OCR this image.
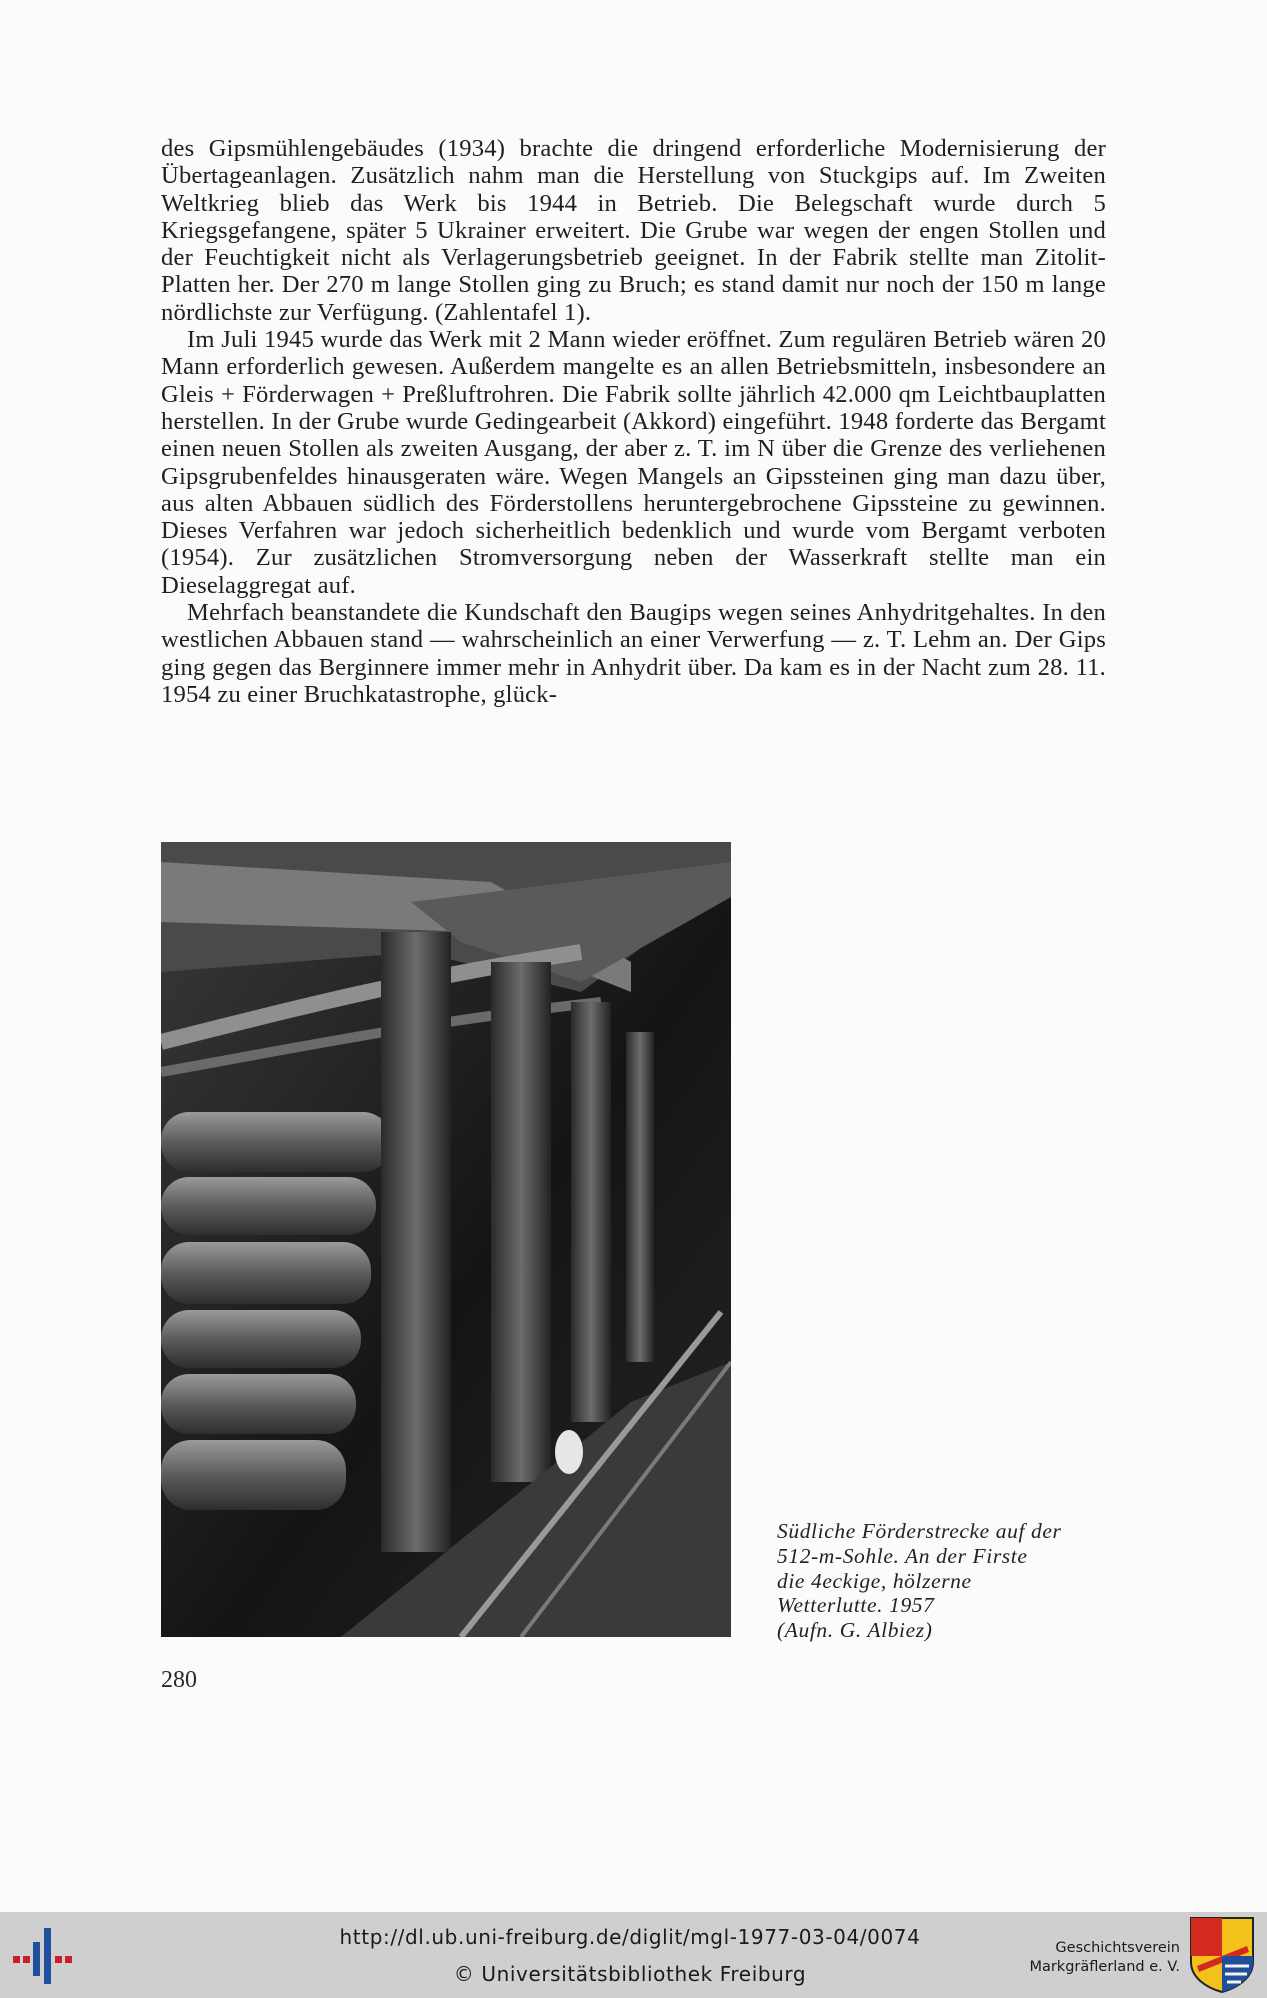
des Gipsmühlengebäudes (1934) brachte die dringend erforderliche Modernisierung der Übertageanlagen. Zusätzlich nahm man die Herstellung von Stuckgips auf. Im Zweiten Weltkrieg blieb das Werk bis 1944 in Betrieb. Die Belegschaft wurde durch 5 Kriegsgefangene, später 5 Ukrainer erweitert. Die Grube war wegen der engen Stollen und der Feuchtigkeit nicht als Verlagerungsbetrieb geeignet. In der Fabrik stellte man Zitolit-Platten her. Der 270 m lange Stollen ging zu Bruch; es stand damit nur noch der 150 m lange nördlichste zur Verfügung. (Zahlentafel 1).

Im Juli 1945 wurde das Werk mit 2 Mann wieder eröffnet. Zum regulären Betrieb wären 20 Mann erforderlich gewesen. Außerdem mangelte es an allen Betriebsmitteln, insbesondere an Gleis + Förderwagen + Preßluftrohren. Die Fabrik sollte jährlich 42.000 qm Leichtbauplatten herstellen. In der Grube wurde Gedingearbeit (Akkord) eingeführt. 1948 forderte das Bergamt einen neuen Stollen als zweiten Ausgang, der aber z. T. im N über die Grenze des verliehenen Gipsgrubenfeldes hinausgeraten wäre. Wegen Mangels an Gipssteinen ging man dazu über, aus alten Abbauen südlich des Förderstollens heruntergebrochene Gipssteine zu gewinnen. Dieses Verfahren war jedoch sicherheitlich bedenklich und wurde vom Bergamt verboten (1954). Zur zusätzlichen Stromversorgung neben der Wasserkraft stellte man ein Dieselaggregat auf.

Mehrfach beanstandete die Kundschaft den Baugips wegen seines Anhydritgehaltes. In den westlichen Abbauen stand — wahrscheinlich an einer Verwerfung — z. T. Lehm an. Der Gips ging gegen das Berginnere immer mehr in Anhydrit über. Da kam es in der Nacht zum 28. 11. 1954 zu einer Bruchkatastrophe, glück-

Südliche Förderstrecke auf der
512-m-Sohle. An der Firste
die 4eckige, hölzerne
Wetterlutte. 1957
(Aufn. G. Albiez)
280
http://dl.ub.uni-freiburg.de/diglit/mgl-1977-03-04/0074
© Universitätsbibliothek Freiburg
Geschichtsverein
Markgräflerland e. V.
